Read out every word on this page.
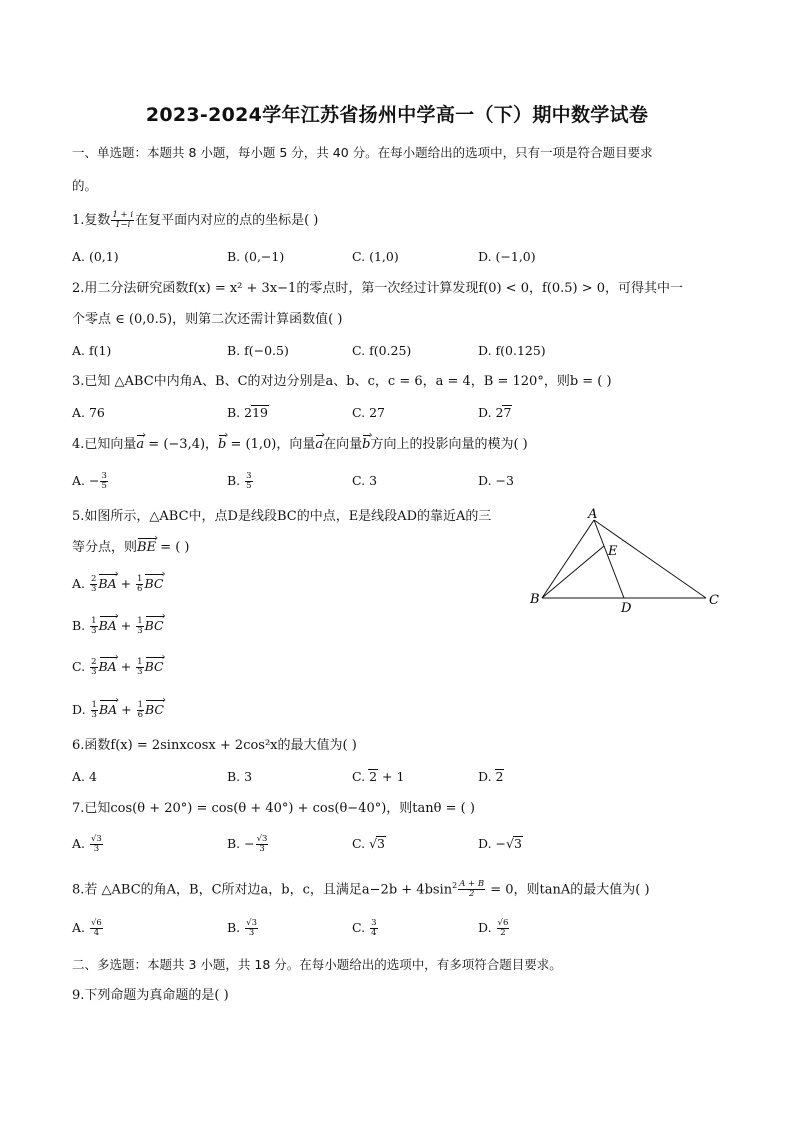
2023-2024学年江苏省扬州中学高一（下）期中数学试卷
一、单选题：本题共 8 小题，每小题 5 分，共 40 分。在每小题给出的选项中，只有一项是符合题目要求
的。
1.复数 $\frac{1 + i}{1-i}$ 在复平面内对应的点的坐标是( )
A. (0,1)	B. (0,−1)	C. (1,0)	D. (−1,0)
2.用二分法研究函数f(x) = x² + 3x−1的零点时，第一次经过计算发现f(0) < 0，f(0.5) > 0，可得其中一
个零点 ∈ (0,0.5)，则第二次还需计算函数值( )
A. f(1)	B. f(−0.5)	C. f(0.25)	D. f(0.125)
3.已知 △ABC中内角A、B、C的对边分别是a、b、c，c = 6，a = 4，B = 120°，则b = ( )
A. 76	B. 219	C. 27	D. 27
4.已知向量a › = (−3,4)，b › = (1,0)，向量a ›在向量b ›方向上的投影向量的模为( )
A. − $\frac{3}{5}$	B. $\frac{3}{5}$	C. 3	D. −3
5.如图所示，△ABC中，点D是线段BC的中点，E是线段AD的靠近A的三
等分点，则BE › = ( )
A. $\frac{2}{3}$ BA › + $\frac{1}{6}$ BC ›
B. $\frac{1}{3}$ BA › + $\frac{1}{3}$ BC ›
C. $\frac{2}{3}$ BA › + $\frac{1}{3}$ BC ›
D. $\frac{1}{3}$ BA › + $\frac{1}{6}$ BC ›
A
B	C
D
E
6.函数f(x) = 2sinxcosx + 2cos²x的最大值为( )
A. 4	B. 3	C. 2 + 1	D. 2
7.已知cos(θ + 20°) = cos(θ + 40°) + cos(θ−40°)，则tanθ = ( )
A. $\frac{√3}{3}$	B. − $\frac{√3}{3}$	C. √3	D. −√3
8.若 △ABC的角A，B，C所对边a，b，c，且满足$a-2b + 4bsin^2 \frac{A + B}{2} = 0$，则tanA的最大值为( )
A. $\frac{√6}{4}$	B. $\frac{√3}{3}$	C. $\frac{3}{4}$	D. $\frac{√6}{2}$
二、多选题：本题共 3 小题，共 18 分。在每小题给出的选项中，有多项符合题目要求。
9.下列命题为真命题的是( )
